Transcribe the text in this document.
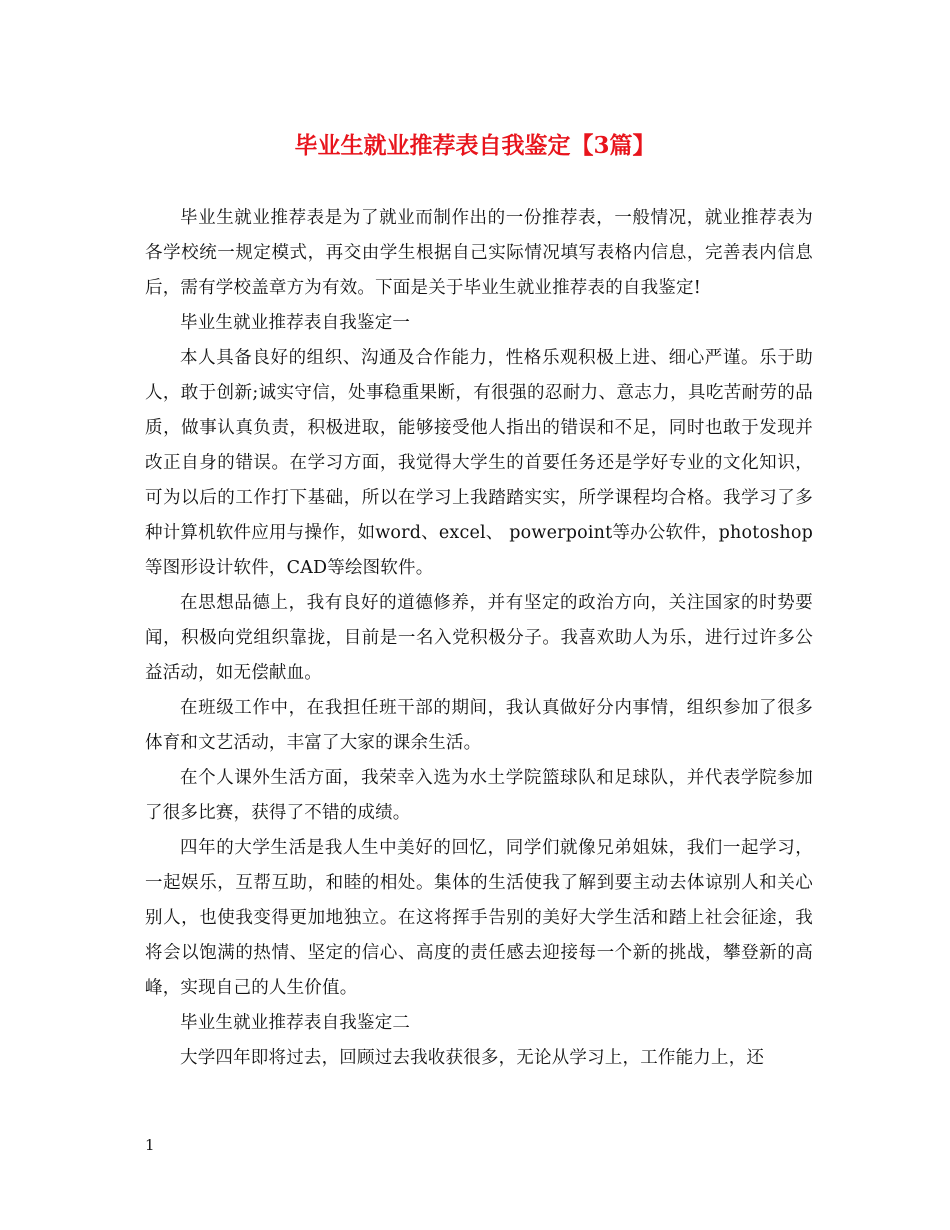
毕业生就业推荐表自我鉴定【3篇】

毕业生就业推荐表是为了就业而制作出的一份推荐表，一般情况，就业推荐表为各学校统一规定模式，再交由学生根据自己实际情况填写表格内信息，完善表内信息后，需有学校盖章方为有效。下面是关于毕业生就业推荐表的自我鉴定!

毕业生就业推荐表自我鉴定一

本人具备良好的组织、沟通及合作能力，性格乐观积极上进、细心严谨。乐于助人，敢于创新;诚实守信，处事稳重果断，有很强的忍耐力、意志力，具吃苦耐劳的品质，做事认真负责，积极进取，能够接受他人指出的错误和不足，同时也敢于发现并改正自身的错误。在学习方面，我觉得大学生的首要任务还是学好专业的文化知识，可为以后的工作打下基础，所以在学习上我踏踏实实，所学课程均合格。我学习了多种计算机软件应用与操作，如word、excel、 powerpoint等办公软件，photoshop等图形设计软件，CAD等绘图软件。

在思想品德上，我有良好的道德修养，并有坚定的政治方向，关注国家的时势要闻，积极向党组织靠拢，目前是一名入党积极分子。我喜欢助人为乐，进行过许多公益活动，如无偿献血。

在班级工作中，在我担任班干部的期间，我认真做好分内事情，组织参加了很多体育和文艺活动，丰富了大家的课余生活。

在个人课外生活方面，我荣幸入选为水土学院篮球队和足球队，并代表学院参加了很多比赛，获得了不错的成绩。

四年的大学生活是我人生中美好的回忆，同学们就像兄弟姐妹，我们一起学习，一起娱乐，互帮互助，和睦的相处。集体的生活使我了解到要主动去体谅别人和关心别人，也使我变得更加地独立。在这将挥手告别的美好大学生活和踏上社会征途，我将会以饱满的热情、坚定的信心、高度的责任感去迎接每一个新的挑战，攀登新的高峰，实现自己的人生价值。

毕业生就业推荐表自我鉴定二

大学四年即将过去，回顾过去我收获很多，无论从学习上，工作能力上，还

1
